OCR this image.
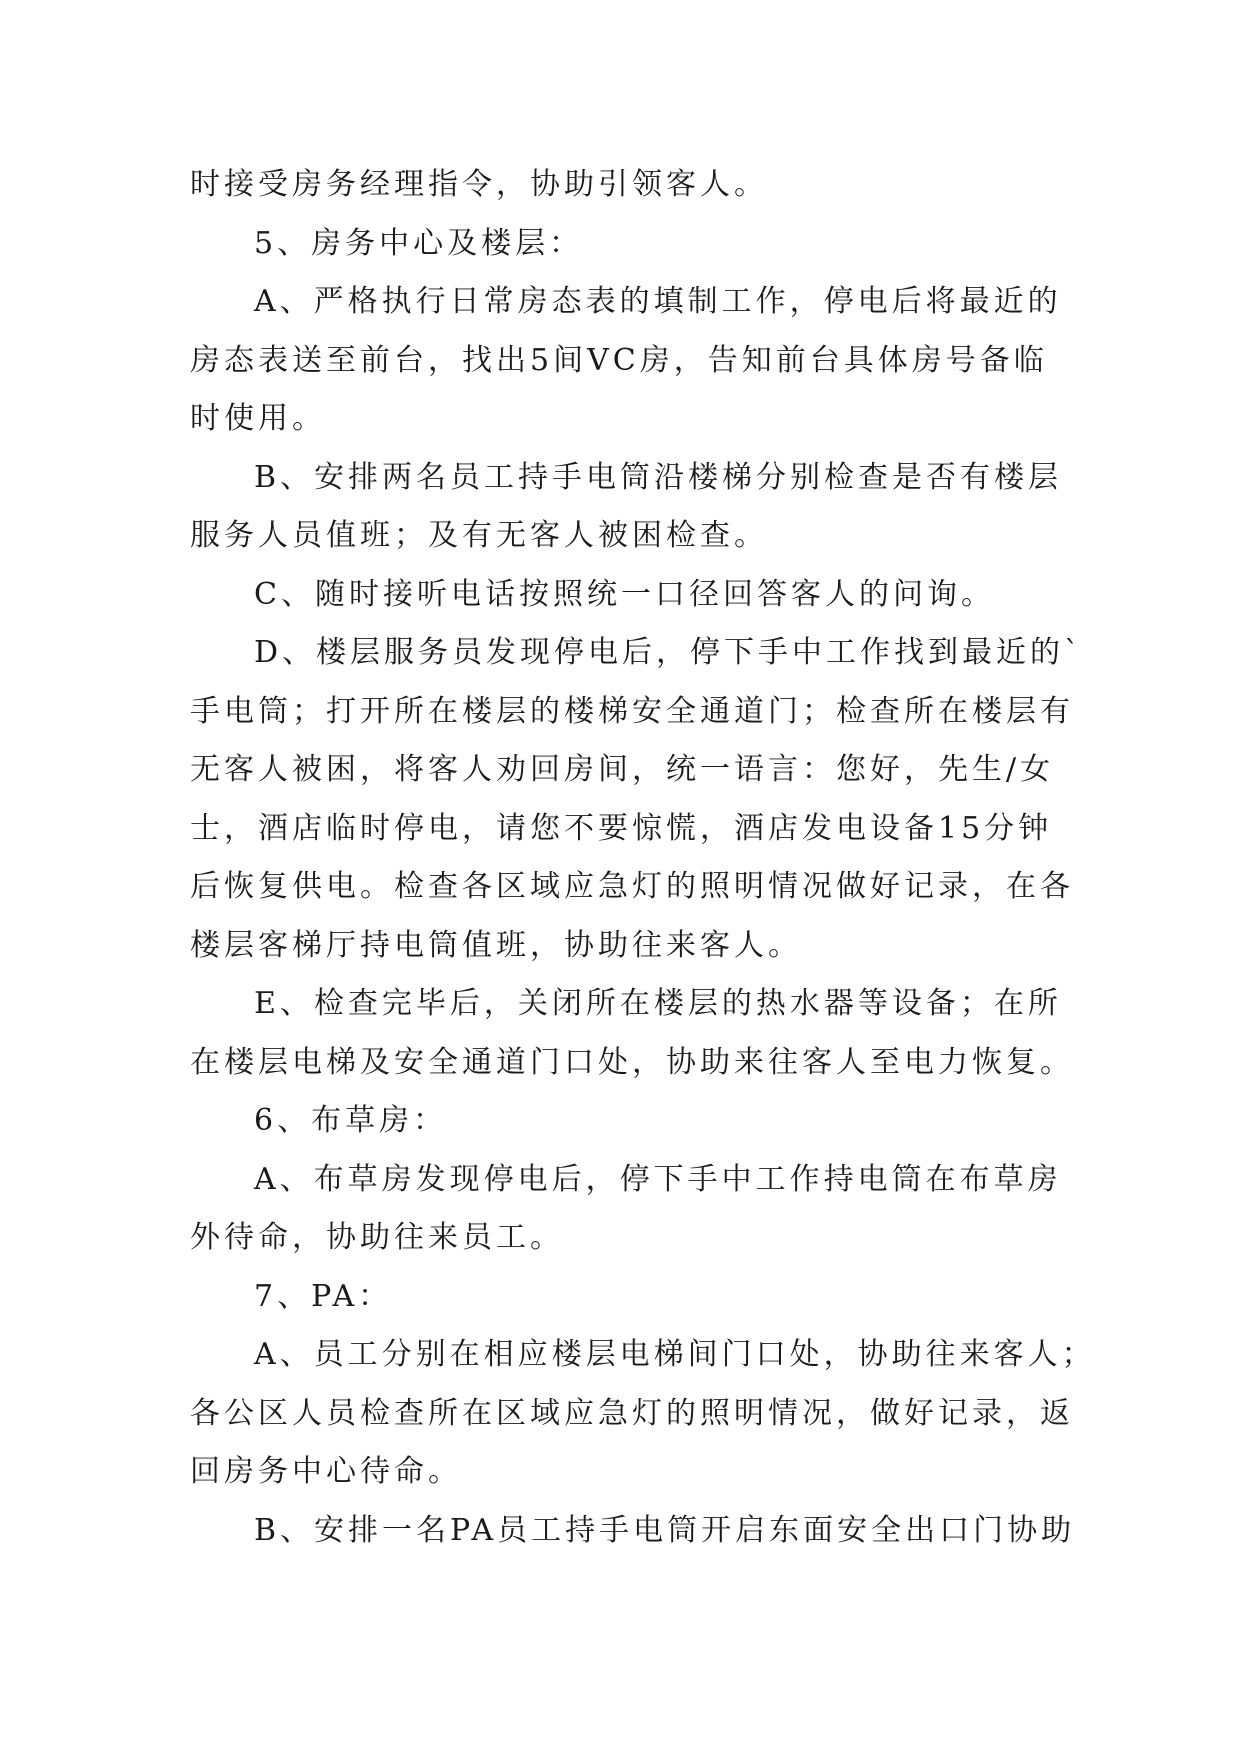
时接受房务经理指令，协助引领客人。
5、房务中心及楼层：
A、严格执行日常房态表的填制工作，停电后将最近的
房态表送至前台，找出5间VC房，告知前台具体房号备临
时使用。
B、安排两名员工持手电筒沿楼梯分别检查是否有楼层
服务人员值班；及有无客人被困检查。
C、随时接听电话按照统一口径回答客人的问询。
D、楼层服务员发现停电后，停下手中工作找到最近的`
手电筒；打开所在楼层的楼梯安全通道门；检查所在楼层有
无客人被困，将客人劝回房间，统一语言：您好，先生/女
士，酒店临时停电，请您不要惊慌，酒店发电设备15分钟
后恢复供电。检查各区域应急灯的照明情况做好记录，在各
楼层客梯厅持电筒值班，协助往来客人。
E、检查完毕后，关闭所在楼层的热水器等设备；在所
在楼层电梯及安全通道门口处，协助来往客人至电力恢复。
6、布草房：
A、布草房发现停电后，停下手中工作持电筒在布草房
外待命，协助往来员工。
7、PA：
A、员工分别在相应楼层电梯间门口处，协助往来客人；
各公区人员检查所在区域应急灯的照明情况，做好记录，返
回房务中心待命。
B、安排一名PA员工持手电筒开启东面安全出口门协助
